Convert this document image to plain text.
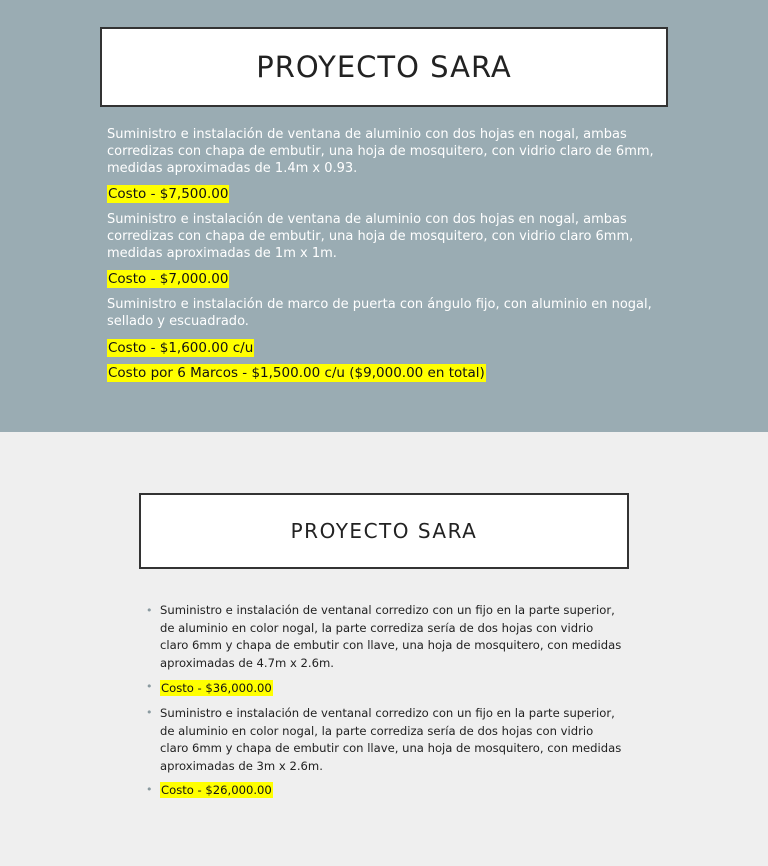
PROYECTO SARA
Suministro e instalación de ventana de aluminio con dos hojas en nogal, ambas corredizas con chapa de embutir, una hoja de mosquitero, con vidrio claro de 6mm, medidas aproximadas de 1.4m x 0.93.
Costo - $7,500.00
Suministro e instalación de ventana de aluminio con dos hojas en nogal, ambas corredizas con chapa de embutir, una hoja de mosquitero, con vidrio claro 6mm, medidas aproximadas de 1m x 1m.
Costo - $7,000.00
Suministro e instalación de marco de puerta con ángulo fijo, con aluminio en nogal, sellado y escuadrado.
Costo - $1,600.00 c/u
Costo por 6 Marcos - $1,500.00 c/u ($9,000.00 en total)
PROYECTO SARA
• Suministro e instalación de ventanal corredizo con un fijo en la parte superior, de aluminio en color nogal, la parte corrediza sería de dos hojas con vidrio claro 6mm y chapa de embutir con llave, una hoja de mosquitero, con medidas aproximadas de 4.7m x 2.6m.
• Costo - $36,000.00
• Suministro e instalación de ventanal corredizo con un fijo en la parte superior, de aluminio en color nogal, la parte corrediza sería de dos hojas con vidrio claro 6mm y chapa de embutir con llave, una hoja de mosquitero, con medidas aproximadas de 3m x 2.6m.
• Costo - $26,000.00
